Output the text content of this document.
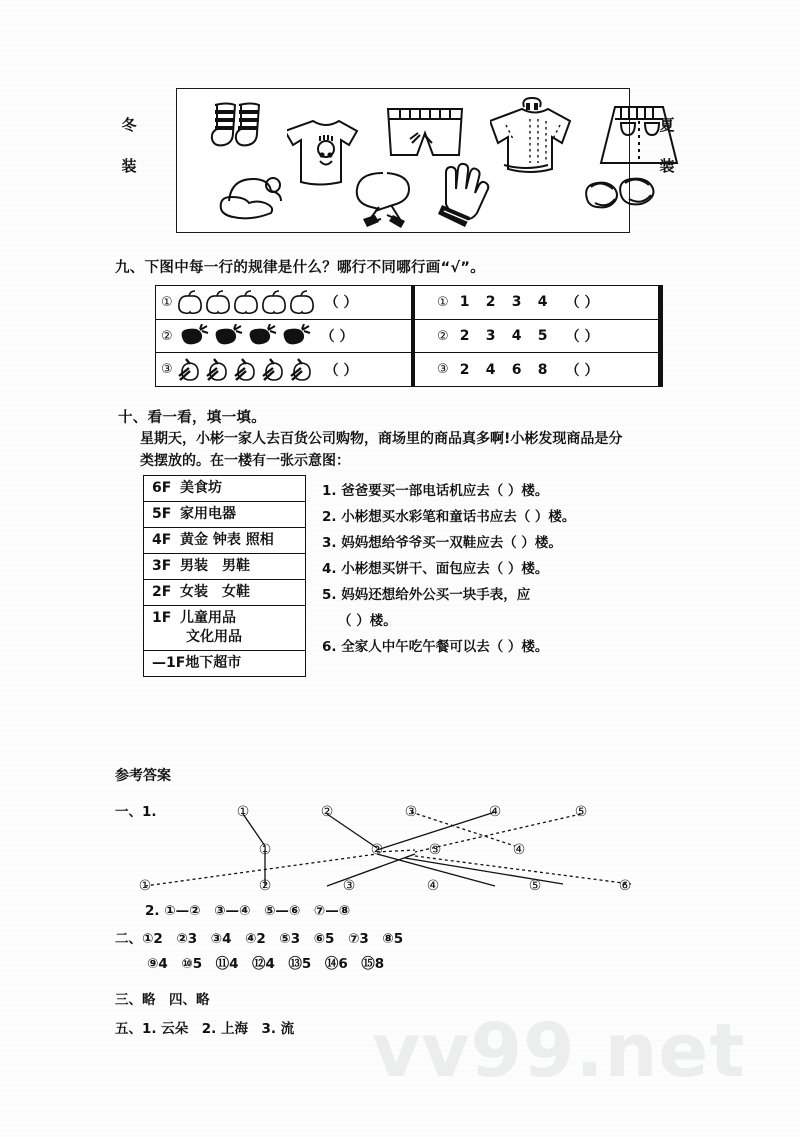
vv99.net
冬
装
夏
装
九、下图中每一行的规律是什么？哪行不同哪行画“√”。
①	（ ）
②	（ ）
③	（ ）
① 1 2 3 4	（ ）
② 2 3 4 5	（ ）
③ 2 4 6 8	（ ）
十、看一看，填一填。
星期天，小彬一家人去百货公司购物，商场里的商品真多啊!小彬发现商品是分
类摆放的。在一楼有一张示意图：
6F 美食坊
5F 家用电器
4F 黄金 钟表 照相
3F 男装　男鞋
2F 女装　女鞋
1F 儿童用品
文化用品
—1F地下超市
1. 爸爸要买一部电话机应去（ ）楼。
2. 小彬想买水彩笔和童话书应去（ ）楼。
3. 妈妈想给爷爷买一双鞋应去（ ）楼。
4. 小彬想买饼干、面包应去（ ）楼。
5. 妈妈还想给外公买一块手表，应
（ ）楼。
6. 全家人中午吃午餐可以去（ ）楼。
参考答案
一、1.	①	②	③	④	⑤
①	②	③	④
①	②	③	④	⑤	⑥
2. ①—②　③—④　⑤—⑥　⑦—⑧
二、①2　②3　③4　④2　⑤3　⑥5　⑦3　⑧5
⑨4　⑩5　⑪4　⑫4　⑬5　⑭6　⑮8
三、略　四、略
五、1. 云朵　2. 上海　3. 流
